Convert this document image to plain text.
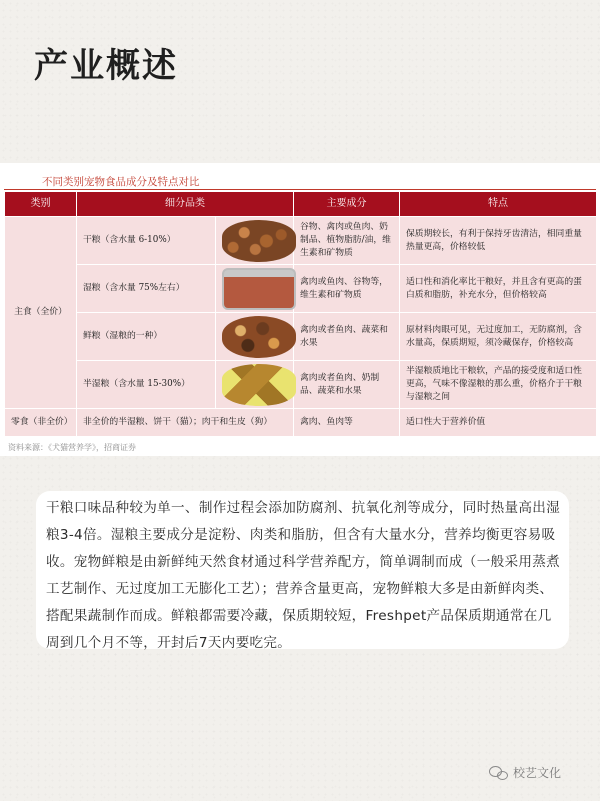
产业概述
不同类别宠物食品成分及特点对比
类别	细分品类		主要成分	特点
主食（全价）	干粮（含水量 6-10%）		谷物、禽肉或鱼肉、奶制品、植物脂肪/油，维生素和矿物质	保质期较长，有利于保持牙齿清洁，相同重量热量更高，价格较低
	湿粮（含水量 75%左右）		禽肉或鱼肉、谷物等，维生素和矿物质	适口性和消化率比干粮好，并且含有更高的蛋白质和脂肪，补充水分，但价格较高
	鲜粮（湿粮的一种）		禽肉或者鱼肉、蔬菜和水果	原材料肉眼可见，无过度加工，无防腐剂，含水量高，保质期短，须冷藏保存，价格较高
	半湿粮（含水量 15-30%）		禽肉或者鱼肉、奶制品、蔬菜和水果	半湿粮质地比干粮软，产品的接受度和适口性更高，气味不像湿粮的那么重，价格介于干粮与湿粮之间
零食（非全价）	非全价的半湿粮、饼干（猫）；肉干和生皮（狗）		禽肉、鱼肉等	适口性大于营养价值
资料来源：《犬猫营养学》，招商证券

干粮口味品种较为单一、制作过程会添加防腐剂、抗氧化剂等成分，同时热量高出湿粮3-4倍。湿粮主要成分是淀粉、肉类和脂肪，但含有大量水分，营养均衡更容易吸收。宠物鲜粮是由新鲜纯天然食材通过科学营养配方，简单调制而成（一般采用蒸煮工艺制作、无过度加工无膨化工艺）；营养含量更高，宠物鲜粮大多是由新鲜肉类、搭配果蔬制作而成。鲜粮都需要冷藏，保质期较短，Freshpet产品保质期通常在几周到几个月不等，开封后7天内要吃完。

校艺文化
